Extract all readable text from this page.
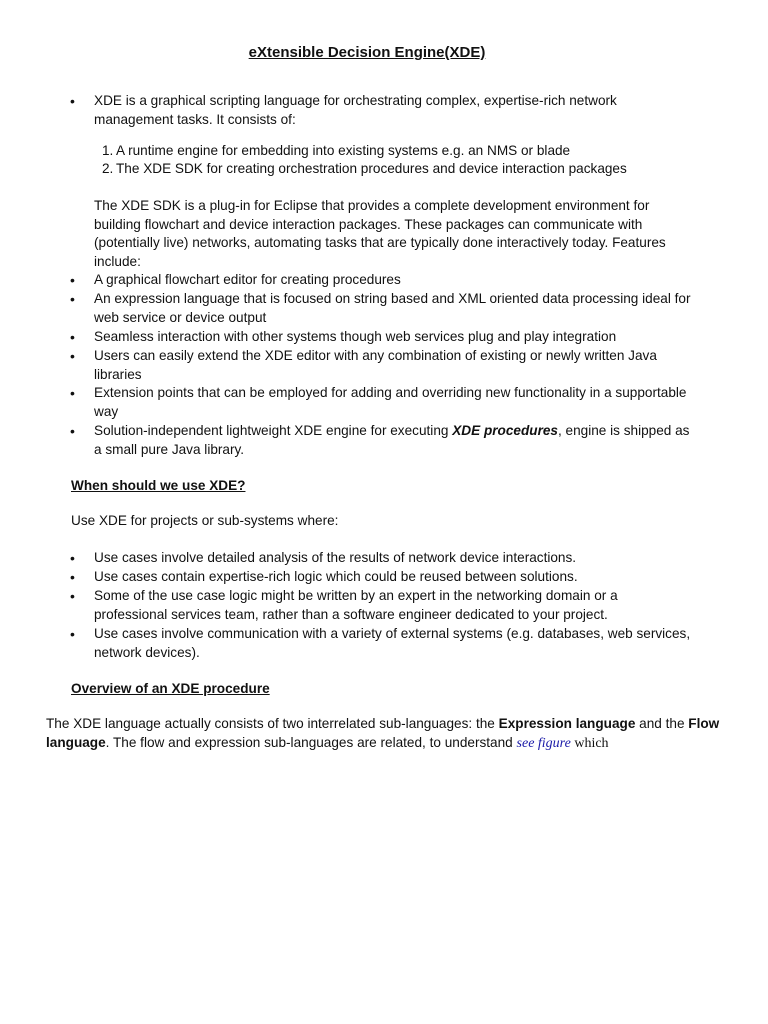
eXtensible Decision Engine(XDE)
• XDE is a graphical scripting language for orchestrating complex, expertise-rich network management tasks. It consists of:
1. A runtime engine for embedding into existing systems e.g. an NMS or blade
2. The XDE SDK for creating orchestration procedures and device interaction packages
The XDE SDK is a plug-in for Eclipse that provides a complete development environment for building flowchart and device interaction packages. These packages can communicate with (potentially live) networks, automating tasks that are typically done interactively today. Features include:
• A graphical flowchart editor for creating procedures
• An expression language that is focused on string based and XML oriented data processing ideal for web service or device output
• Seamless interaction with other systems though web services plug and play integration
• Users can easily extend the XDE editor with any combination of existing or newly written Java libraries
• Extension points that can be employed for adding and overriding new functionality in a supportable way
• Solution-independent lightweight XDE engine for executing XDE procedures, engine is shipped as a small pure Java library.
When should we use XDE?
Use XDE for projects or sub-systems where:
• Use cases involve detailed analysis of the results of network device interactions.
• Use cases contain expertise-rich logic which could be reused between solutions.
• Some of the use case logic might be written by an expert in the networking domain or a professional services team, rather than a software engineer dedicated to your project.
• Use cases involve communication with a variety of external systems (e.g. databases, web services, network devices).
Overview of an XDE procedure
The XDE language actually consists of two interrelated sub-languages: the Expression language and the Flow language. The flow and expression sub-languages are related, to understand see figure which
